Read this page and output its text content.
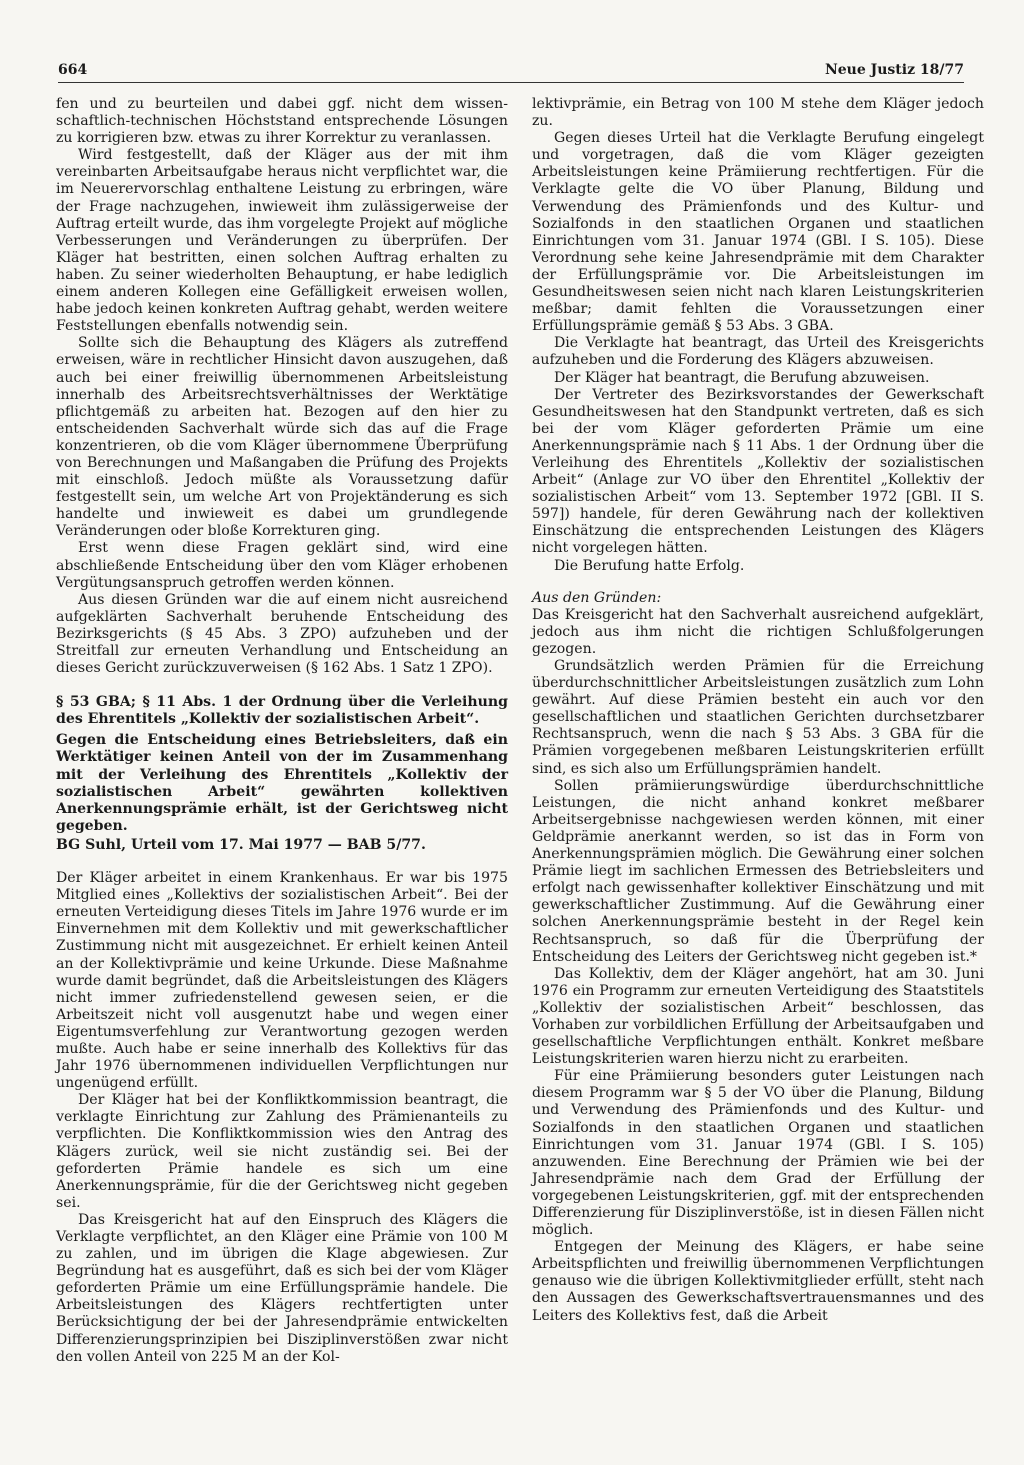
664	Neue Justiz 18/77

fen und zu beurteilen und dabei ggf. nicht dem wissen-schaftlich-technischen Höchststand entsprechende Lösungen zu korrigieren bzw. etwas zu ihrer Korrektur zu veranlassen.

Wird festgestellt, daß der Kläger aus der mit ihm vereinbarten Arbeitsaufgabe heraus nicht verpflichtet war, die im Neuerervorschlag enthaltene Leistung zu erbringen, wäre der Frage nachzugehen, inwieweit ihm zulässigerweise der Auftrag erteilt wurde, das ihm vorgelegte Projekt auf mögliche Verbesserungen und Veränderungen zu überprüfen. Der Kläger hat bestritten, einen solchen Auftrag erhalten zu haben. Zu seiner wiederholten Behauptung, er habe lediglich einem anderen Kollegen eine Gefälligkeit erweisen wollen, habe jedoch keinen konkreten Auftrag gehabt, werden weitere Feststellungen ebenfalls notwendig sein.

Sollte sich die Behauptung des Klägers als zutreffend erweisen, wäre in rechtlicher Hinsicht davon auszugehen, daß auch bei einer freiwillig übernommenen Arbeitsleistung innerhalb des Arbeitsrechtsverhältnisses der Werktätige pflichtgemäß zu arbeiten hat. Bezogen auf den hier zu entscheidenden Sachverhalt würde sich das auf die Frage konzentrieren, ob die vom Kläger übernommene Überprüfung von Berechnungen und Maßangaben die Prüfung des Projekts mit einschloß. Jedoch müßte als Voraussetzung dafür festgestellt sein, um welche Art von Projektänderung es sich handelte und inwieweit es dabei um grundlegende Veränderungen oder bloße Korrekturen ging.

Erst wenn diese Fragen geklärt sind, wird eine abschließende Entscheidung über den vom Kläger erhobenen Vergütungsanspruch getroffen werden können.

Aus diesen Gründen war die auf einem nicht ausreichend aufgeklärten Sachverhalt beruhende Entscheidung des Bezirksgerichts (§ 45 Abs. 3 ZPO) aufzuheben und der Streitfall zur erneuten Verhandlung und Entscheidung an dieses Gericht zurückzuverweisen (§ 162 Abs. 1 Satz 1 ZPO).

§ 53 GBA; § 11 Abs. 1 der Ordnung über die Verleihung des Ehrentitels „Kollektiv der sozialistischen Arbeit“.

Gegen die Entscheidung eines Betriebsleiters, daß ein Werktätiger keinen Anteil von der im Zusammenhang mit der Verleihung des Ehrentitels „Kollektiv der sozialistischen Arbeit“ gewährten kollektiven Anerkennungsprämie erhält, ist der Gerichtsweg nicht gegeben.

BG Suhl, Urteil vom 17. Mai 1977 — BAB 5/77.

Der Kläger arbeitet in einem Krankenhaus. Er war bis 1975 Mitglied eines „Kollektivs der sozialistischen Arbeit“. Bei der erneuten Verteidigung dieses Titels im Jahre 1976 wurde er im Einvernehmen mit dem Kollektiv und mit gewerkschaftlicher Zustimmung nicht mit ausgezeichnet. Er erhielt keinen Anteil an der Kollektivprämie und keine Urkunde. Diese Maßnahme wurde damit begründet, daß die Arbeitsleistungen des Klägers nicht immer zufriedenstellend gewesen seien, er die Arbeitszeit nicht voll ausgenutzt habe und wegen einer Eigentumsverfehlung zur Verantwortung gezogen werden mußte. Auch habe er seine innerhalb des Kollektivs für das Jahr 1976 übernommenen individuellen Verpflichtungen nur ungenügend erfüllt.

Der Kläger hat bei der Konfliktkommission beantragt, die verklagte Einrichtung zur Zahlung des Prämienanteils zu verpflichten. Die Konfliktkommission wies den Antrag des Klägers zurück, weil sie nicht zuständig sei. Bei der geforderten Prämie handele es sich um eine Anerkennungsprämie, für die der Gerichtsweg nicht gegeben sei.

Das Kreisgericht hat auf den Einspruch des Klägers die Verklagte verpflichtet, an den Kläger eine Prämie von 100 M zu zahlen, und im übrigen die Klage abgewiesen. Zur Begründung hat es ausgeführt, daß es sich bei der vom Kläger geforderten Prämie um eine Erfüllungsprämie handele. Die Arbeitsleistungen des Klägers rechtfertigten unter Berücksichtigung der bei der Jahresendprämie entwickelten Differenzierungsprinzipien bei Disziplinverstößen zwar nicht den vollen Anteil von 225 M an der Kol-

lektivprämie, ein Betrag von 100 M stehe dem Kläger jedoch zu.

Gegen dieses Urteil hat die Verklagte Berufung eingelegt und vorgetragen, daß die vom Kläger gezeigten Arbeitsleistungen keine Prämiierung rechtfertigen. Für die Verklagte gelte die VO über Planung, Bildung und Verwendung des Prämienfonds und des Kultur- und Sozialfonds in den staatlichen Organen und staatlichen Einrichtungen vom 31. Januar 1974 (GBl. I S. 105). Diese Verordnung sehe keine Jahresendprämie mit dem Charakter der Erfüllungsprämie vor. Die Arbeitsleistungen im Gesundheitswesen seien nicht nach klaren Leistungskriterien meßbar; damit fehlten die Voraussetzungen einer Erfüllungsprämie gemäß § 53 Abs. 3 GBA.

Die Verklagte hat beantragt, das Urteil des Kreisgerichts aufzuheben und die Forderung des Klägers abzuweisen.

Der Kläger hat beantragt, die Berufung abzuweisen.

Der Vertreter des Bezirksvorstandes der Gewerkschaft Gesundheitswesen hat den Standpunkt vertreten, daß es sich bei der vom Kläger geforderten Prämie um eine Anerkennungsprämie nach § 11 Abs. 1 der Ordnung über die Verleihung des Ehrentitels „Kollektiv der sozialistischen Arbeit“ (Anlage zur VO über den Ehrentitel „Kollektiv der sozialistischen Arbeit“ vom 13. September 1972 [GBl. II S. 597]) handele, für deren Gewährung nach der kollektiven Einschätzung die entsprechenden Leistungen des Klägers nicht vorgelegen hätten.

Die Berufung hatte Erfolg.

Aus den Gründen:

Das Kreisgericht hat den Sachverhalt ausreichend aufgeklärt, jedoch aus ihm nicht die richtigen Schlußfolgerungen gezogen.

Grundsätzlich werden Prämien für die Erreichung überdurchschnittlicher Arbeitsleistungen zusätzlich zum Lohn gewährt. Auf diese Prämien besteht ein auch vor den gesellschaftlichen und staatlichen Gerichten durchsetzbarer Rechtsanspruch, wenn die nach § 53 Abs. 3 GBA für die Prämien vorgegebenen meßbaren Leistungskriterien erfüllt sind, es sich also um Erfüllungsprämien handelt.

Sollen prämiierungswürdige überdurchschnittliche Leistungen, die nicht anhand konkret meßbarer Arbeitsergebnisse nachgewiesen werden können, mit einer Geldprämie anerkannt werden, so ist das in Form von Anerkennungsprämien möglich. Die Gewährung einer solchen Prämie liegt im sachlichen Ermessen des Betriebsleiters und erfolgt nach gewissenhafter kollektiver Einschätzung und mit gewerkschaftlicher Zustimmung. Auf die Gewährung einer solchen Anerkennungsprämie besteht in der Regel kein Rechtsanspruch, so daß für die Überprüfung der Entscheidung des Leiters der Gerichtsweg nicht gegeben ist.*

Das Kollektiv, dem der Kläger angehört, hat am 30. Juni 1976 ein Programm zur erneuten Verteidigung des Staatstitels „Kollektiv der sozialistischen Arbeit“ beschlossen, das Vorhaben zur vorbildlichen Erfüllung der Arbeitsaufgaben und gesellschaftliche Verpflichtungen enthält. Konkret meßbare Leistungskriterien waren hierzu nicht zu erarbeiten.

Für eine Prämiierung besonders guter Leistungen nach diesem Programm war § 5 der VO über die Planung, Bildung und Verwendung des Prämienfonds und des Kultur- und Sozialfonds in den staatlichen Organen und staatlichen Einrichtungen vom 31. Januar 1974 (GBl. I S. 105) anzuwenden. Eine Berechnung der Prämien wie bei der Jahresendprämie nach dem Grad der Erfüllung der vorgegebenen Leistungskriterien, ggf. mit der entsprechenden Differenzierung für Disziplinverstöße, ist in diesen Fällen nicht möglich.

Entgegen der Meinung des Klägers, er habe seine Arbeitspflichten und freiwillig übernommenen Verpflichtungen genauso wie die übrigen Kollektivmitglieder erfüllt, steht nach den Aussagen des Gewerkschaftsvertrauensmannes und des Leiters des Kollektivs fest, daß die Arbeit
